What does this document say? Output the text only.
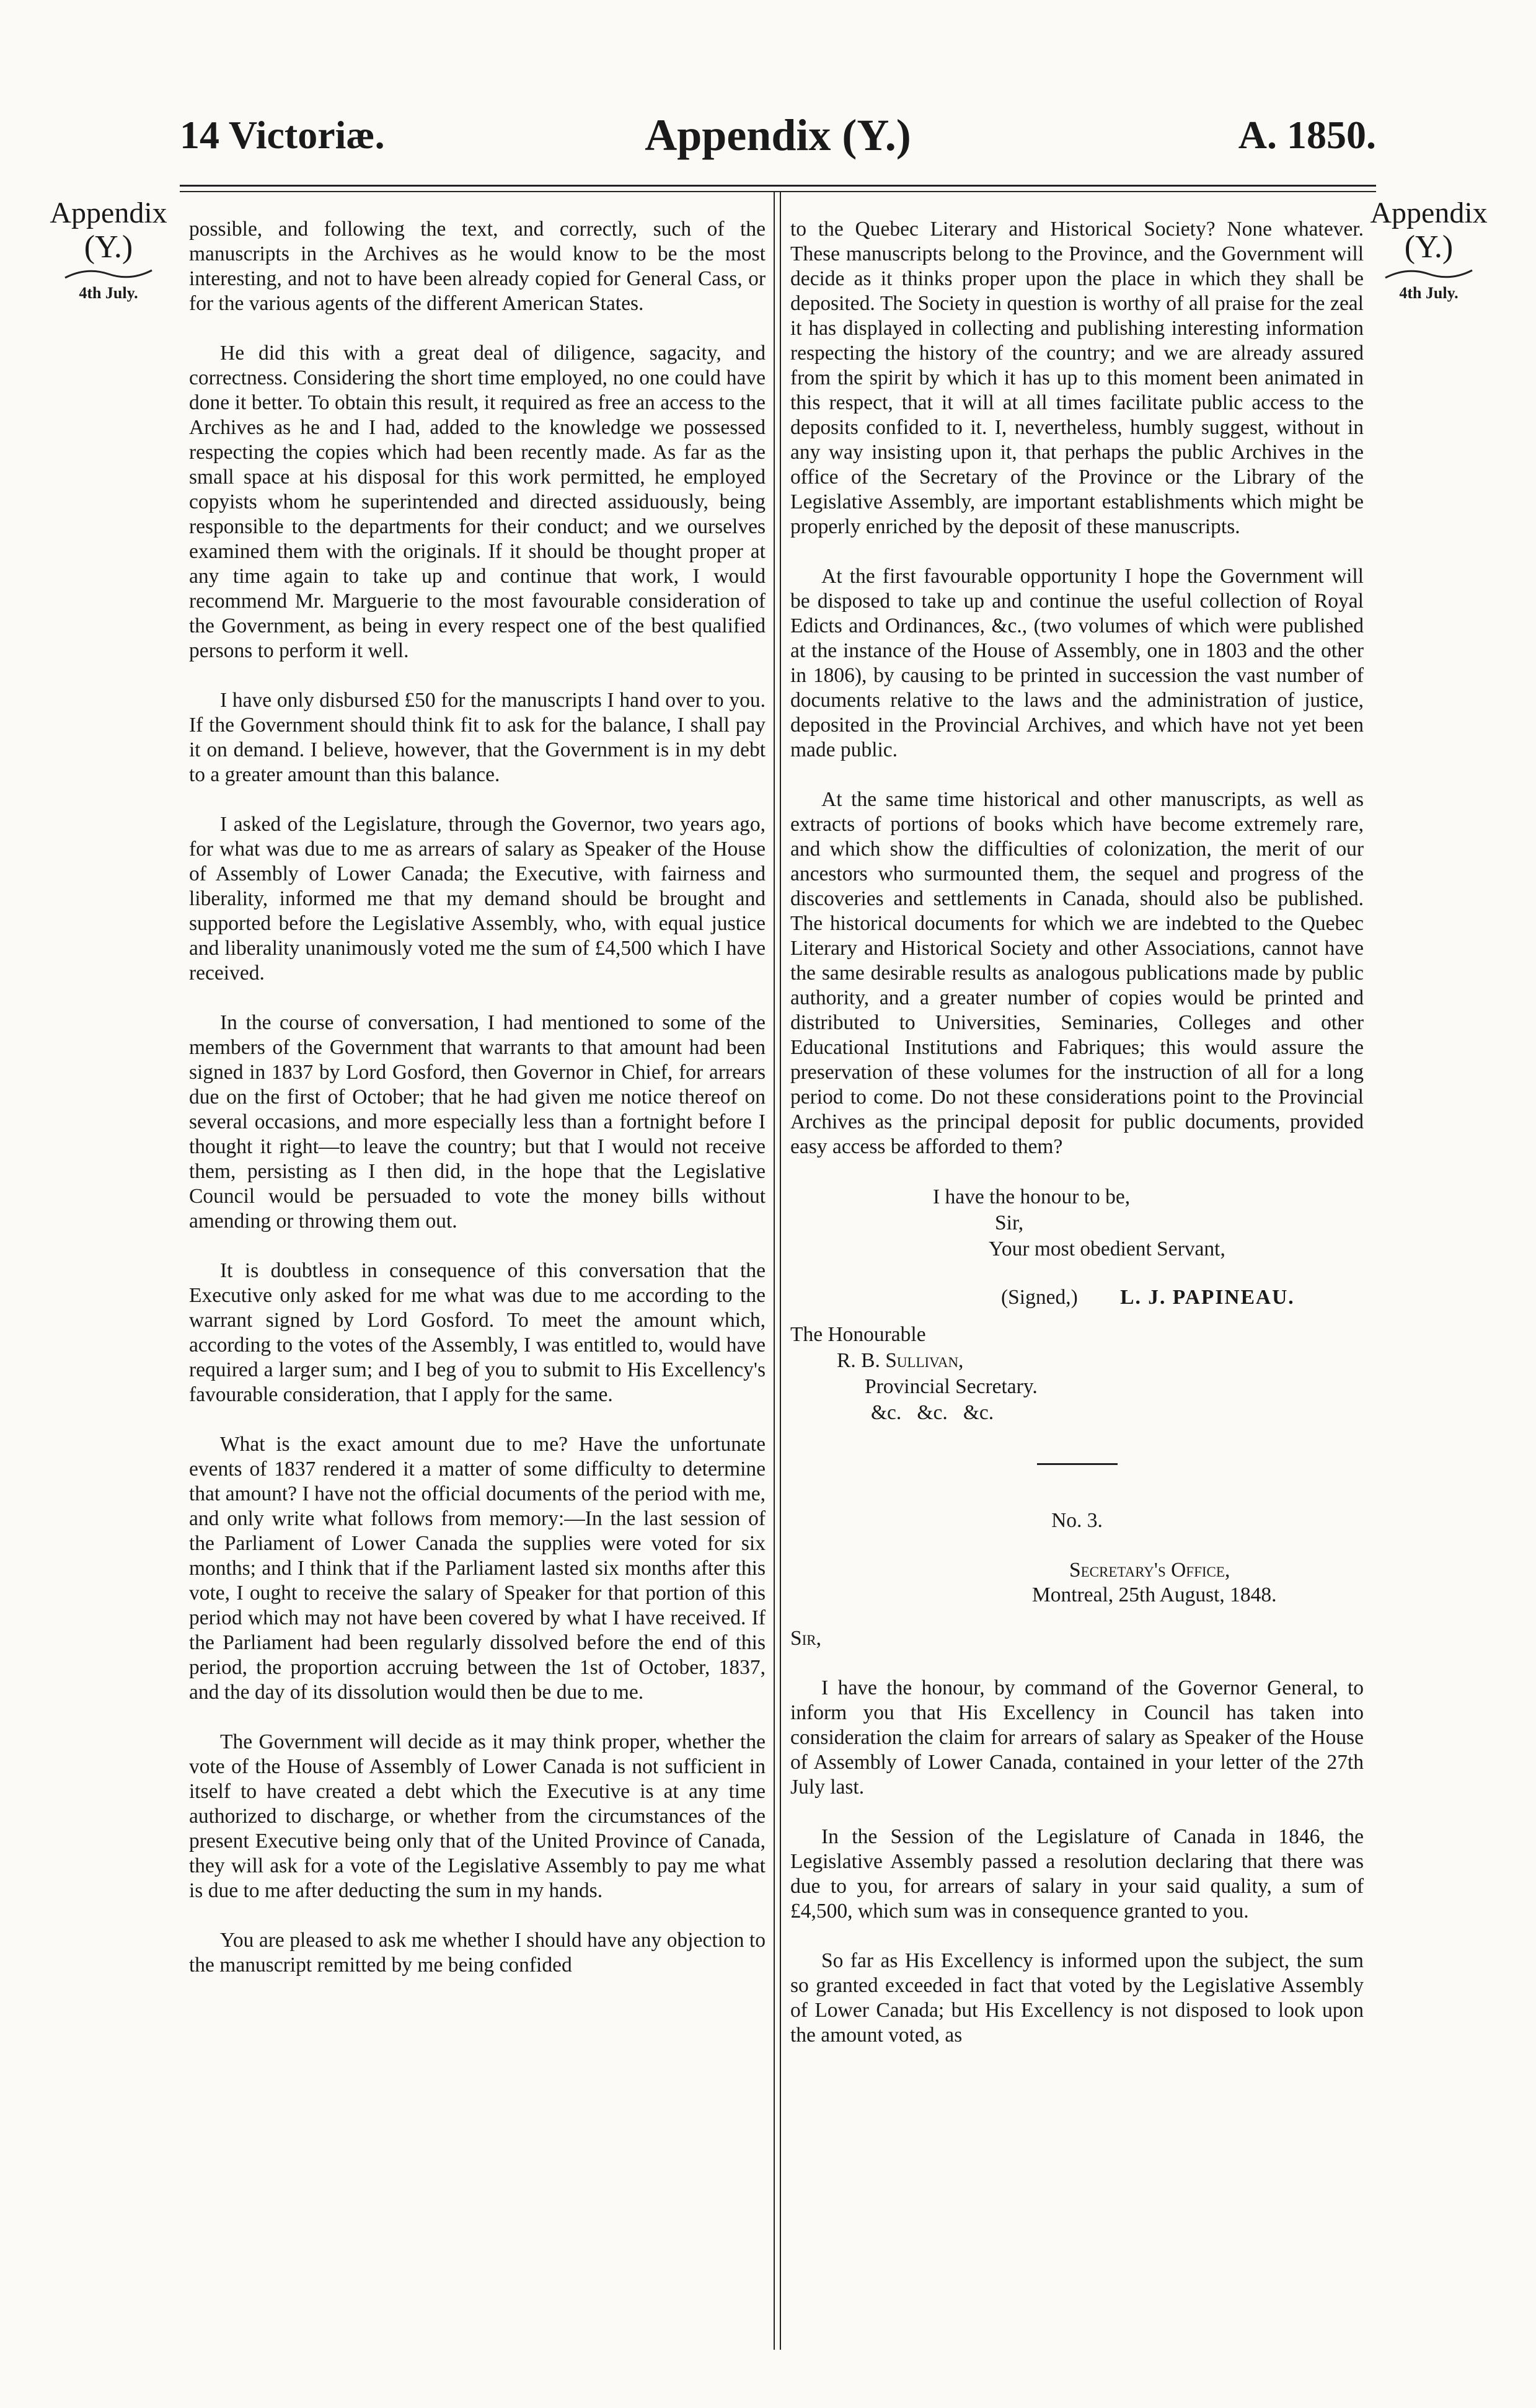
14 Victoriæ.	Appendix (Y.)	A. 1850.
Appendix
(Y.)
4th July.
Appendix
(Y.)
4th July.

possible, and following the text, and correctly, such of the manuscripts in the Archives as he would know to be the most interesting, and not to have been already copied for General Cass, or for the various agents of the different American States.

He did this with a great deal of diligence, sagacity, and correctness. Considering the short time employed, no one could have done it better. To obtain this result, it required as free an access to the Archives as he and I had, added to the knowledge we possessed respecting the copies which had been recently made. As far as the small space at his disposal for this work permitted, he employed copyists whom he superintended and directed assiduously, being responsible to the departments for their conduct; and we ourselves examined them with the originals. If it should be thought proper at any time again to take up and continue that work, I would recommend Mr. Marguerie to the most favourable consideration of the Government, as being in every respect one of the best qualified persons to perform it well.

I have only disbursed £50 for the manuscripts I hand over to you. If the Government should think fit to ask for the balance, I shall pay it on demand. I believe, however, that the Government is in my debt to a greater amount than this balance.

I asked of the Legislature, through the Governor, two years ago, for what was due to me as arrears of salary as Speaker of the House of Assembly of Lower Canada; the Executive, with fairness and liberality, informed me that my demand should be brought and supported before the Legislative Assembly, who, with equal justice and liberality unanimously voted me the sum of £4,500 which I have received.

In the course of conversation, I had mentioned to some of the members of the Government that warrants to that amount had been signed in 1837 by Lord Gosford, then Governor in Chief, for arrears due on the first of October; that he had given me notice thereof on several occasions, and more especially less than a fortnight before I thought it right—to leave the country; but that I would not receive them, persisting as I then did, in the hope that the Legislative Council would be persuaded to vote the money bills without amending or throwing them out.

It is doubtless in consequence of this conversation that the Executive only asked for me what was due to me according to the warrant signed by Lord Gosford. To meet the amount which, according to the votes of the Assembly, I was entitled to, would have required a larger sum; and I beg of you to submit to His Excellency's favourable consideration, that I apply for the same.

What is the exact amount due to me? Have the unfortunate events of 1837 rendered it a matter of some difficulty to determine that amount? I have not the official documents of the period with me, and only write what follows from memory:—In the last session of the Parliament of Lower Canada the supplies were voted for six months; and I think that if the Parliament lasted six months after this vote, I ought to receive the salary of Speaker for that portion of this period which may not have been covered by what I have received. If the Parliament had been regularly dissolved before the end of this period, the proportion accruing between the 1st of October, 1837, and the day of its dissolution would then be due to me.

The Government will decide as it may think proper, whether the vote of the House of Assembly of Lower Canada is not sufficient in itself to have created a debt which the Executive is at any time authorized to discharge, or whether from the circumstances of the present Executive being only that of the United Province of Canada, they will ask for a vote of the Legislative Assembly to pay me what is due to me after deducting the sum in my hands.

You are pleased to ask me whether I should have any objection to the manuscript remitted by me being confided

to the Quebec Literary and Historical Society? None whatever. These manuscripts belong to the Province, and the Government will decide as it thinks proper upon the place in which they shall be deposited. The Society in question is worthy of all praise for the zeal it has displayed in collecting and publishing interesting information respecting the history of the country; and we are already assured from the spirit by which it has up to this moment been animated in this respect, that it will at all times facilitate public access to the deposits confided to it. I, nevertheless, humbly suggest, without in any way insisting upon it, that perhaps the public Archives in the office of the Secretary of the Province or the Library of the Legislative Assembly, are important establishments which might be properly enriched by the deposit of these manuscripts.

At the first favourable opportunity I hope the Government will be disposed to take up and continue the useful collection of Royal Edicts and Ordinances, &c., (two volumes of which were published at the instance of the House of Assembly, one in 1803 and the other in 1806), by causing to be printed in succession the vast number of documents relative to the laws and the administration of justice, deposited in the Provincial Archives, and which have not yet been made public.

At the same time historical and other manuscripts, as well as extracts of portions of books which have become extremely rare, and which show the difficulties of colonization, the merit of our ancestors who surmounted them, the sequel and progress of the discoveries and settlements in Canada, should also be published. The historical documents for which we are indebted to the Quebec Literary and Historical Society and other Associations, cannot have the same desirable results as analogous publications made by public authority, and a greater number of copies would be printed and distributed to Universities, Seminaries, Colleges and other Educational Institutions and Fabriques; this would assure the preservation of these volumes for the instruction of all for a long period to come. Do not these considerations point to the Provincial Archives as the principal deposit for public documents, provided easy access be afforded to them?

I have the honour to be,
Sir,
Your most obedient Servant,
(Signed,) L. J. PAPINEAU.
The Honourable
R. B. Sullivan,
Provincial Secretary.
&c.   &c.   &c.
No. 3.
Secretary's Office,
Montreal, 25th August, 1848.
Sir,

I have the honour, by command of the Governor General, to inform you that His Excellency in Council has taken into consideration the claim for arrears of salary as Speaker of the House of Assembly of Lower Canada, contained in your letter of the 27th July last.

In the Session of the Legislature of Canada in 1846, the Legislative Assembly passed a resolution declaring that there was due to you, for arrears of salary in your said quality, a sum of £4,500, which sum was in consequence granted to you.

So far as His Excellency is informed upon the subject, the sum so granted exceeded in fact that voted by the Legislative Assembly of Lower Canada; but His Excellency is not disposed to look upon the amount voted, as
